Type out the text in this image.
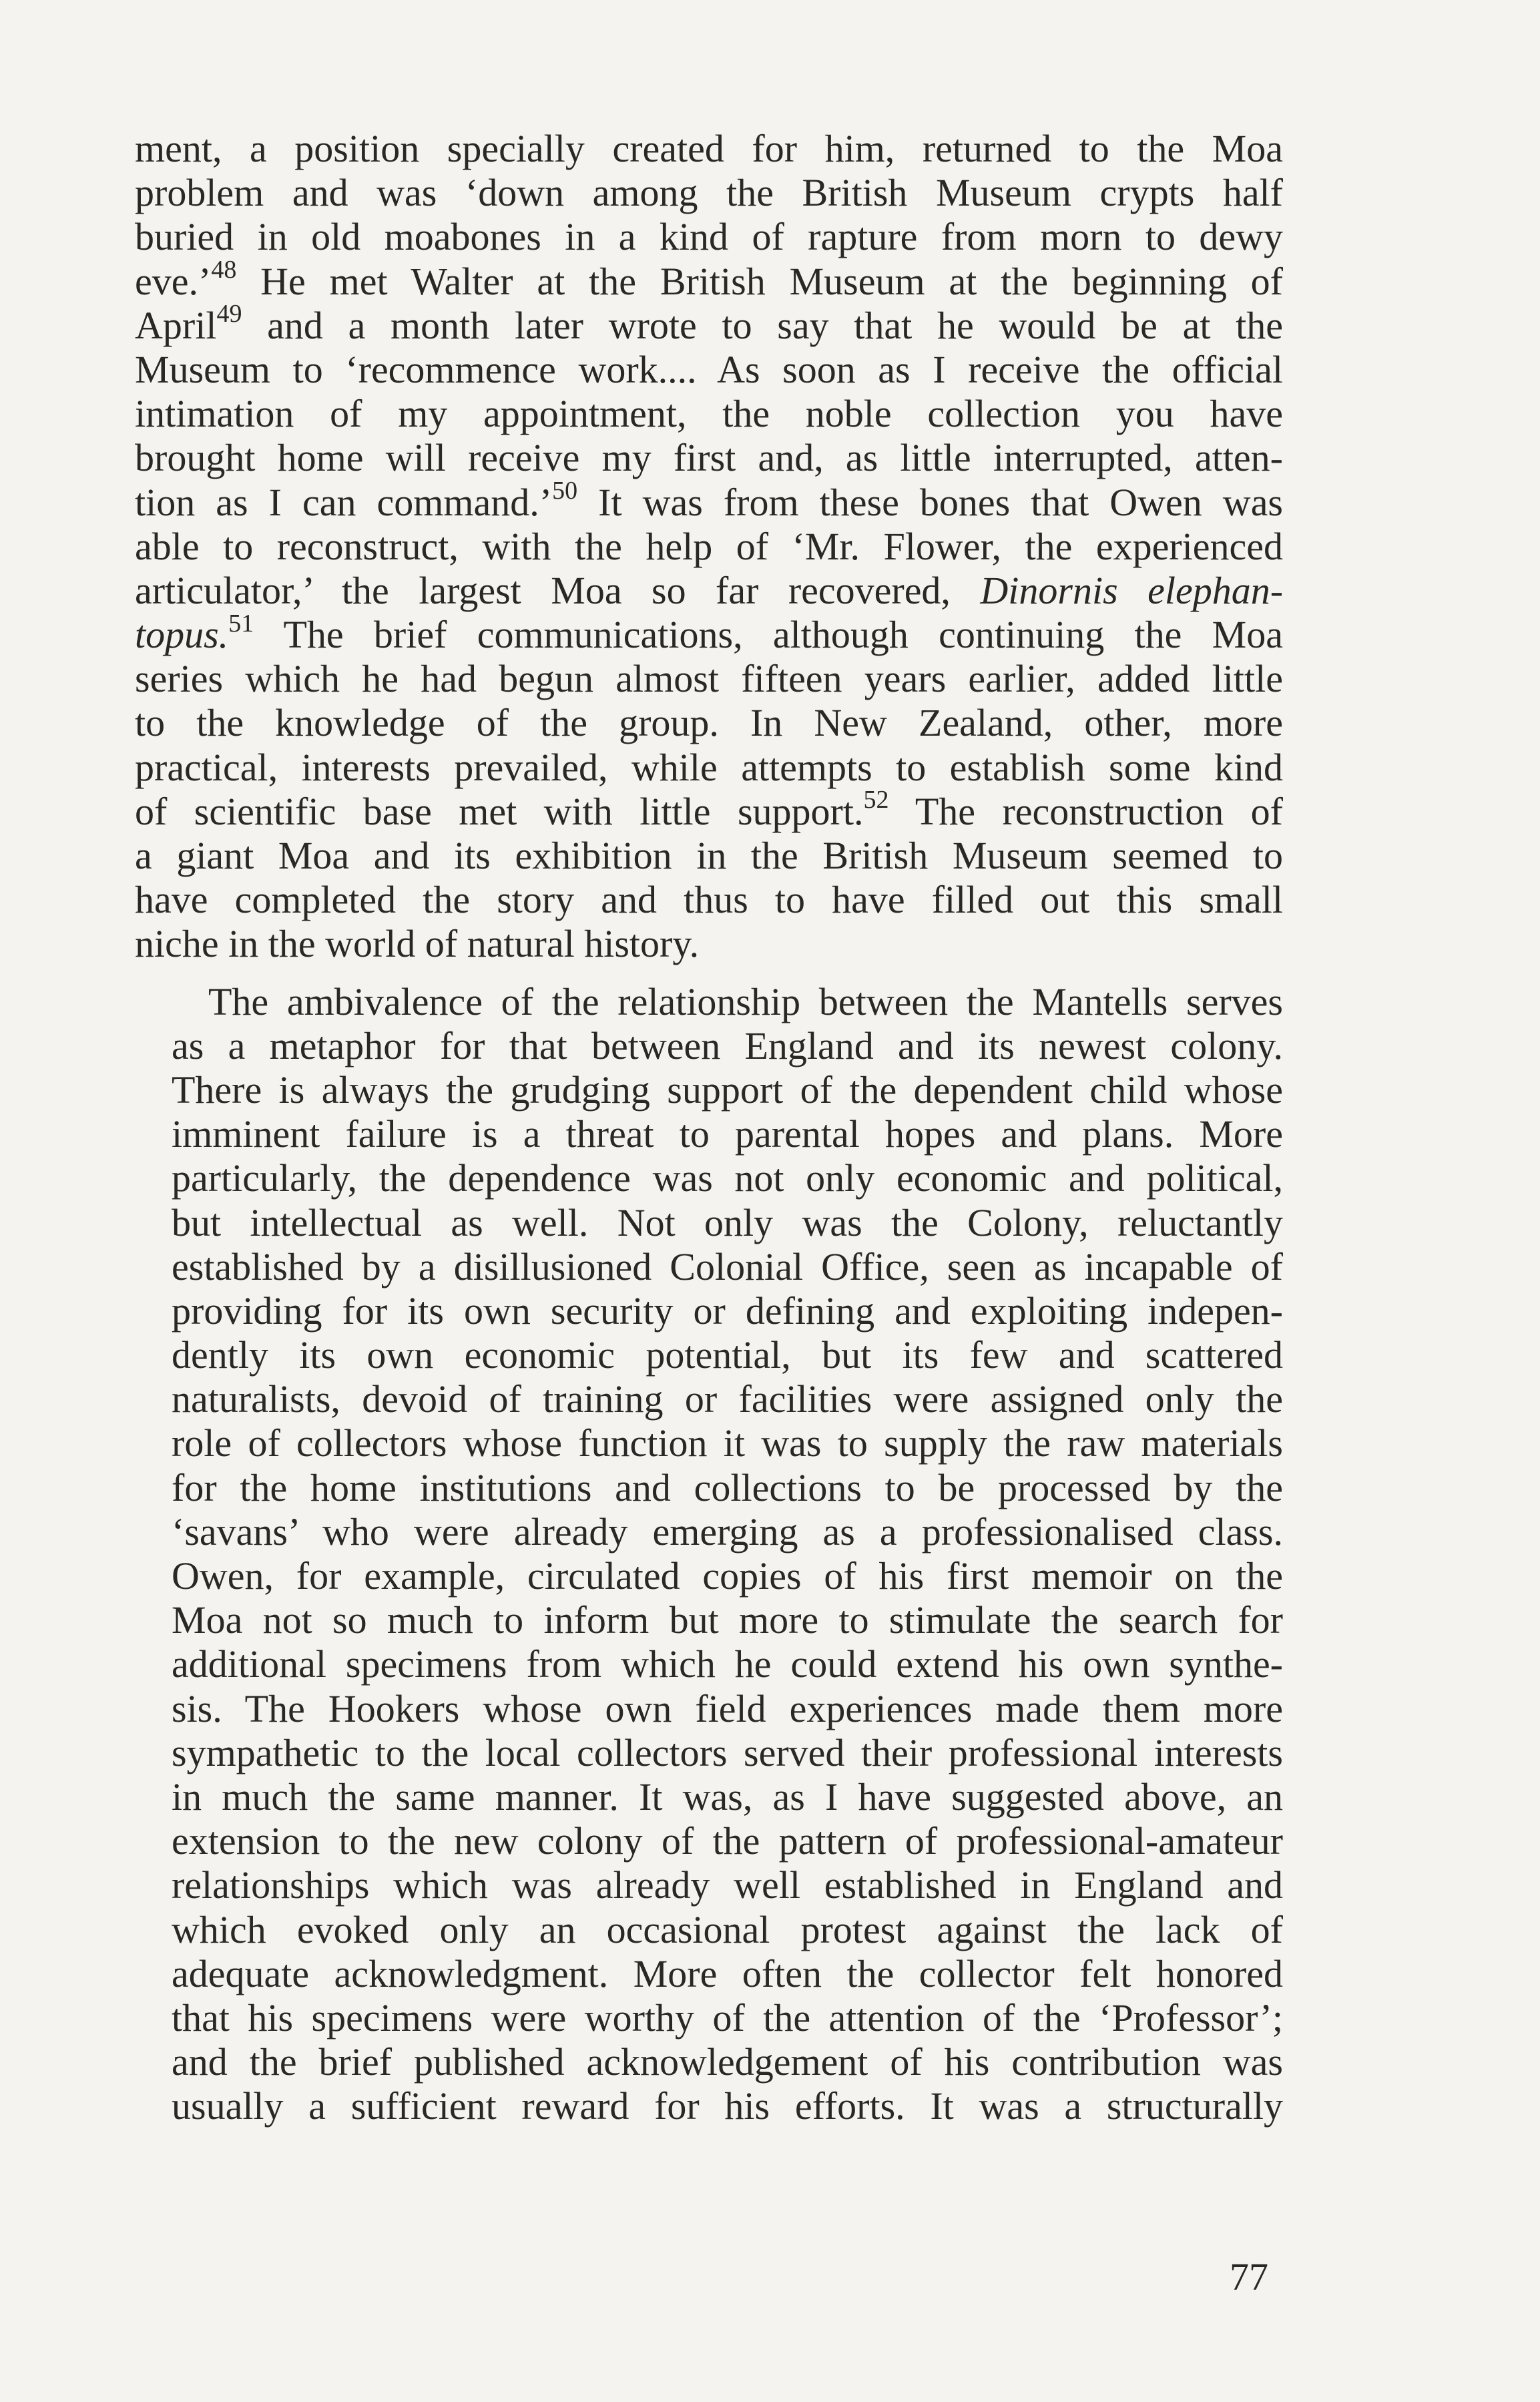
ment, a position specially created for him, returned to the Moa
problem and was ‘down among the British Museum crypts half
buried in old moabones in a kind of rapture from morn to dewy
eve.’$^{48}$ He met Walter at the British Museum at the beginning of
April$^{49}$ and a month later wrote to say that he would be at the
Museum to ‘recommence work.... As soon as I receive the official
intimation of my appointment, the noble collection you have
brought home will receive my first and, as little interrupted, atten-
tion as I can command.’$^{50}$ It was from these bones that Owen was
able to reconstruct, with the help of ‘Mr. Flower, the experienced
articulator,’ the largest Moa so far recovered, Dinornis elephan-
topus.$^{51}$ The brief communications, although continuing the Moa
series which he had begun almost fifteen years earlier, added little
to the knowledge of the group. In New Zealand, other, more
practical, interests prevailed, while attempts to establish some kind
of scientific base met with little support.$^{52}$ The reconstruction of
a giant Moa and its exhibition in the British Museum seemed to
have completed the story and thus to have filled out this small
niche in the world of natural history.
The ambivalence of the relationship between the Mantells serves
as a metaphor for that between England and its newest colony.
There is always the grudging support of the dependent child whose
imminent failure is a threat to parental hopes and plans. More
particularly, the dependence was not only economic and political,
but intellectual as well. Not only was the Colony, reluctantly
established by a disillusioned Colonial Office, seen as incapable of
providing for its own security or defining and exploiting indepen-
dently its own economic potential, but its few and scattered
naturalists, devoid of training or facilities were assigned only the
role of collectors whose function it was to supply the raw materials
for the home institutions and collections to be processed by the
‘savans’ who were already emerging as a professionalised class.
Owen, for example, circulated copies of his first memoir on the
Moa not so much to inform but more to stimulate the search for
additional specimens from which he could extend his own synthe-
sis. The Hookers whose own field experiences made them more
sympathetic to the local collectors served their professional interests
in much the same manner. It was, as I have suggested above, an
extension to the new colony of the pattern of professional-amateur
relationships which was already well established in England and
which evoked only an occasional protest against the lack of
adequate acknowledgment. More often the collector felt honored
that his specimens were worthy of the attention of the ‘Professor’;
and the brief published acknowledgement of his contribution was
usually a sufficient reward for his efforts. It was a structurally
77
